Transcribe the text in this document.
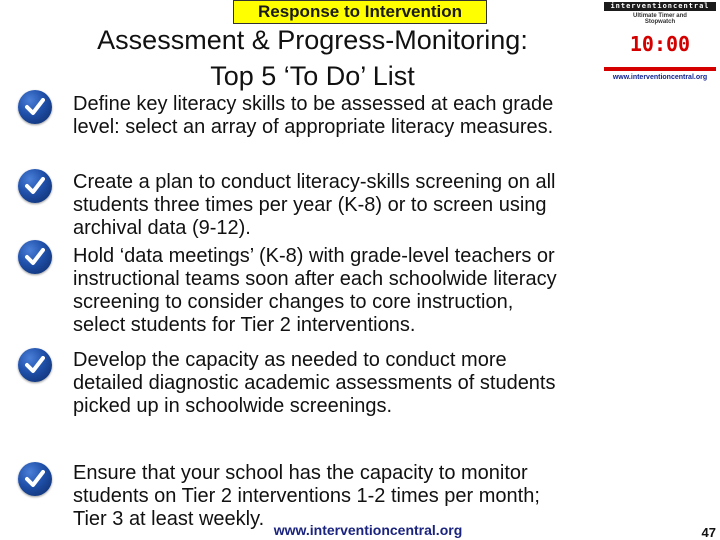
Response to Intervention
Assessment & Progress-Monitoring:
Top 5 ‘To Do’ List
interventioncentral
Ultimate Timer and Stopwatch
10:00
www.interventioncentral.org
Define key literacy skills to be assessed at each grade
level: select an array of appropriate literacy measures.
Create a plan to conduct literacy-skills screening on all
students three times per year (K-8) or to screen using
archival data (9-12).
Hold ‘data meetings’ (K-8) with grade-level teachers or
instructional teams soon after each schoolwide literacy
screening to consider changes to core instruction,
select students for Tier 2 interventions.
Develop the capacity as needed to conduct more
detailed diagnostic academic assessments of students
picked up in schoolwide screenings.
Ensure that your school has the capacity to monitor
students on Tier 2 interventions 1-2 times per month;
Tier 3 at least weekly. www.interventioncentral.org	47
